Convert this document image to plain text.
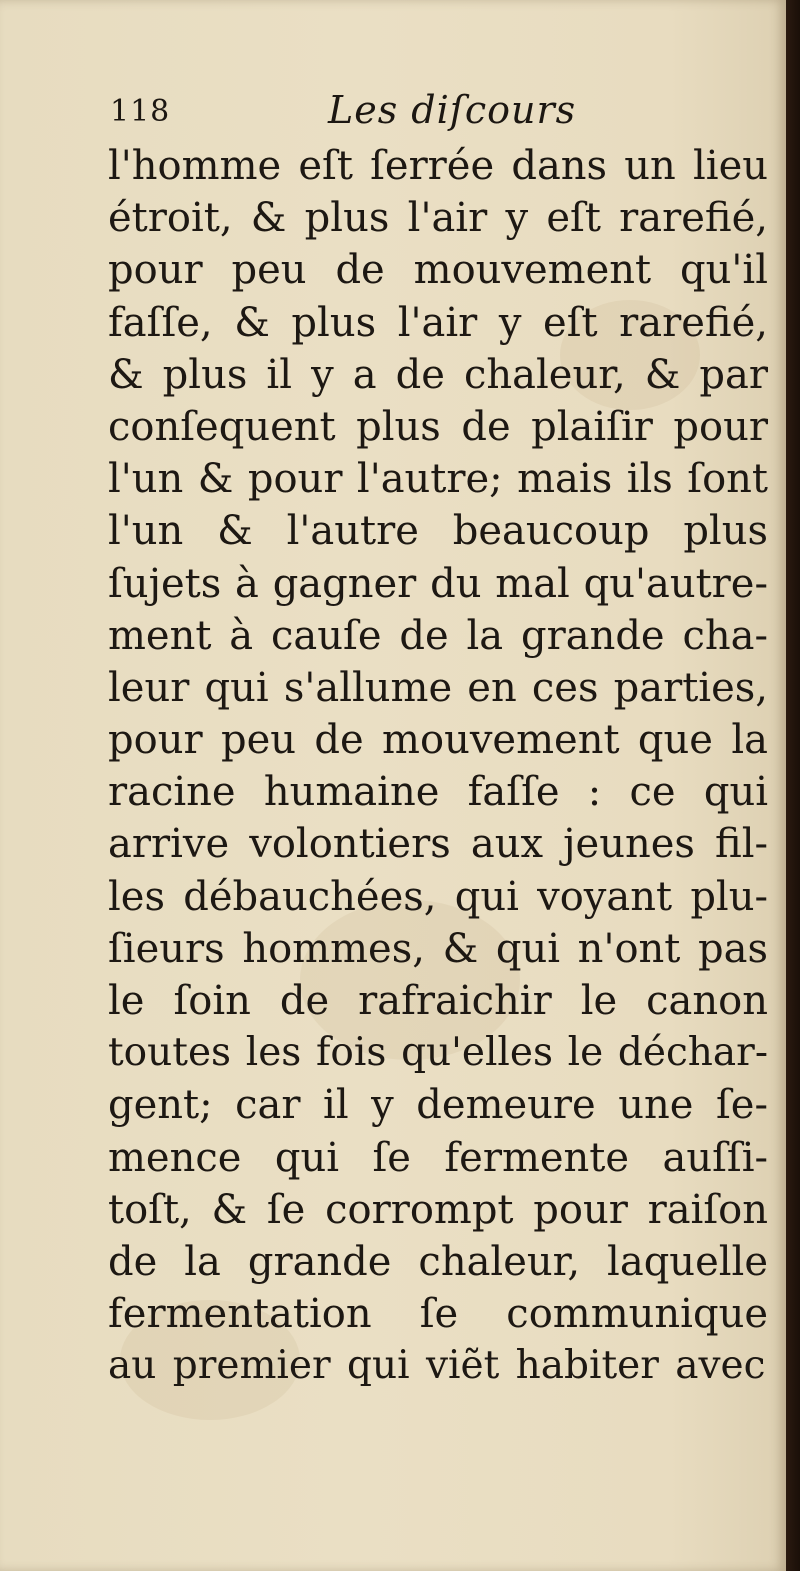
118	Les diſcours
l'homme eſt ſerrée dans un lieu
étroit, & plus l'air y eſt rarefié,
pour peu de mouvement qu'il
faſſe, & plus l'air y eſt rarefié,
& plus il y a de chaleur, & par
conſequent plus de plaiſir pour
l'un & pour l'autre; mais ils ſont
l'un & l'autre beaucoup plus
ſujets à gagner du mal qu'autre-
ment à cauſe de la grande cha-
leur qui s'allume en ces parties,
pour peu de mouvement que la
racine humaine faſſe : ce qui
arrive volontiers aux jeunes fil-
les débauchées, qui voyant plu-
ſieurs hommes, & qui n'ont pas
le ſoin de rafraichir le canon
toutes les fois qu'elles le déchar-
gent; car il y demeure une ſe-
mence qui ſe fermente auſſi-
toſt, & ſe corrompt pour raiſon
de la grande chaleur, laquelle
fermentation ſe communique
au premier qui viẽt habiter avec
